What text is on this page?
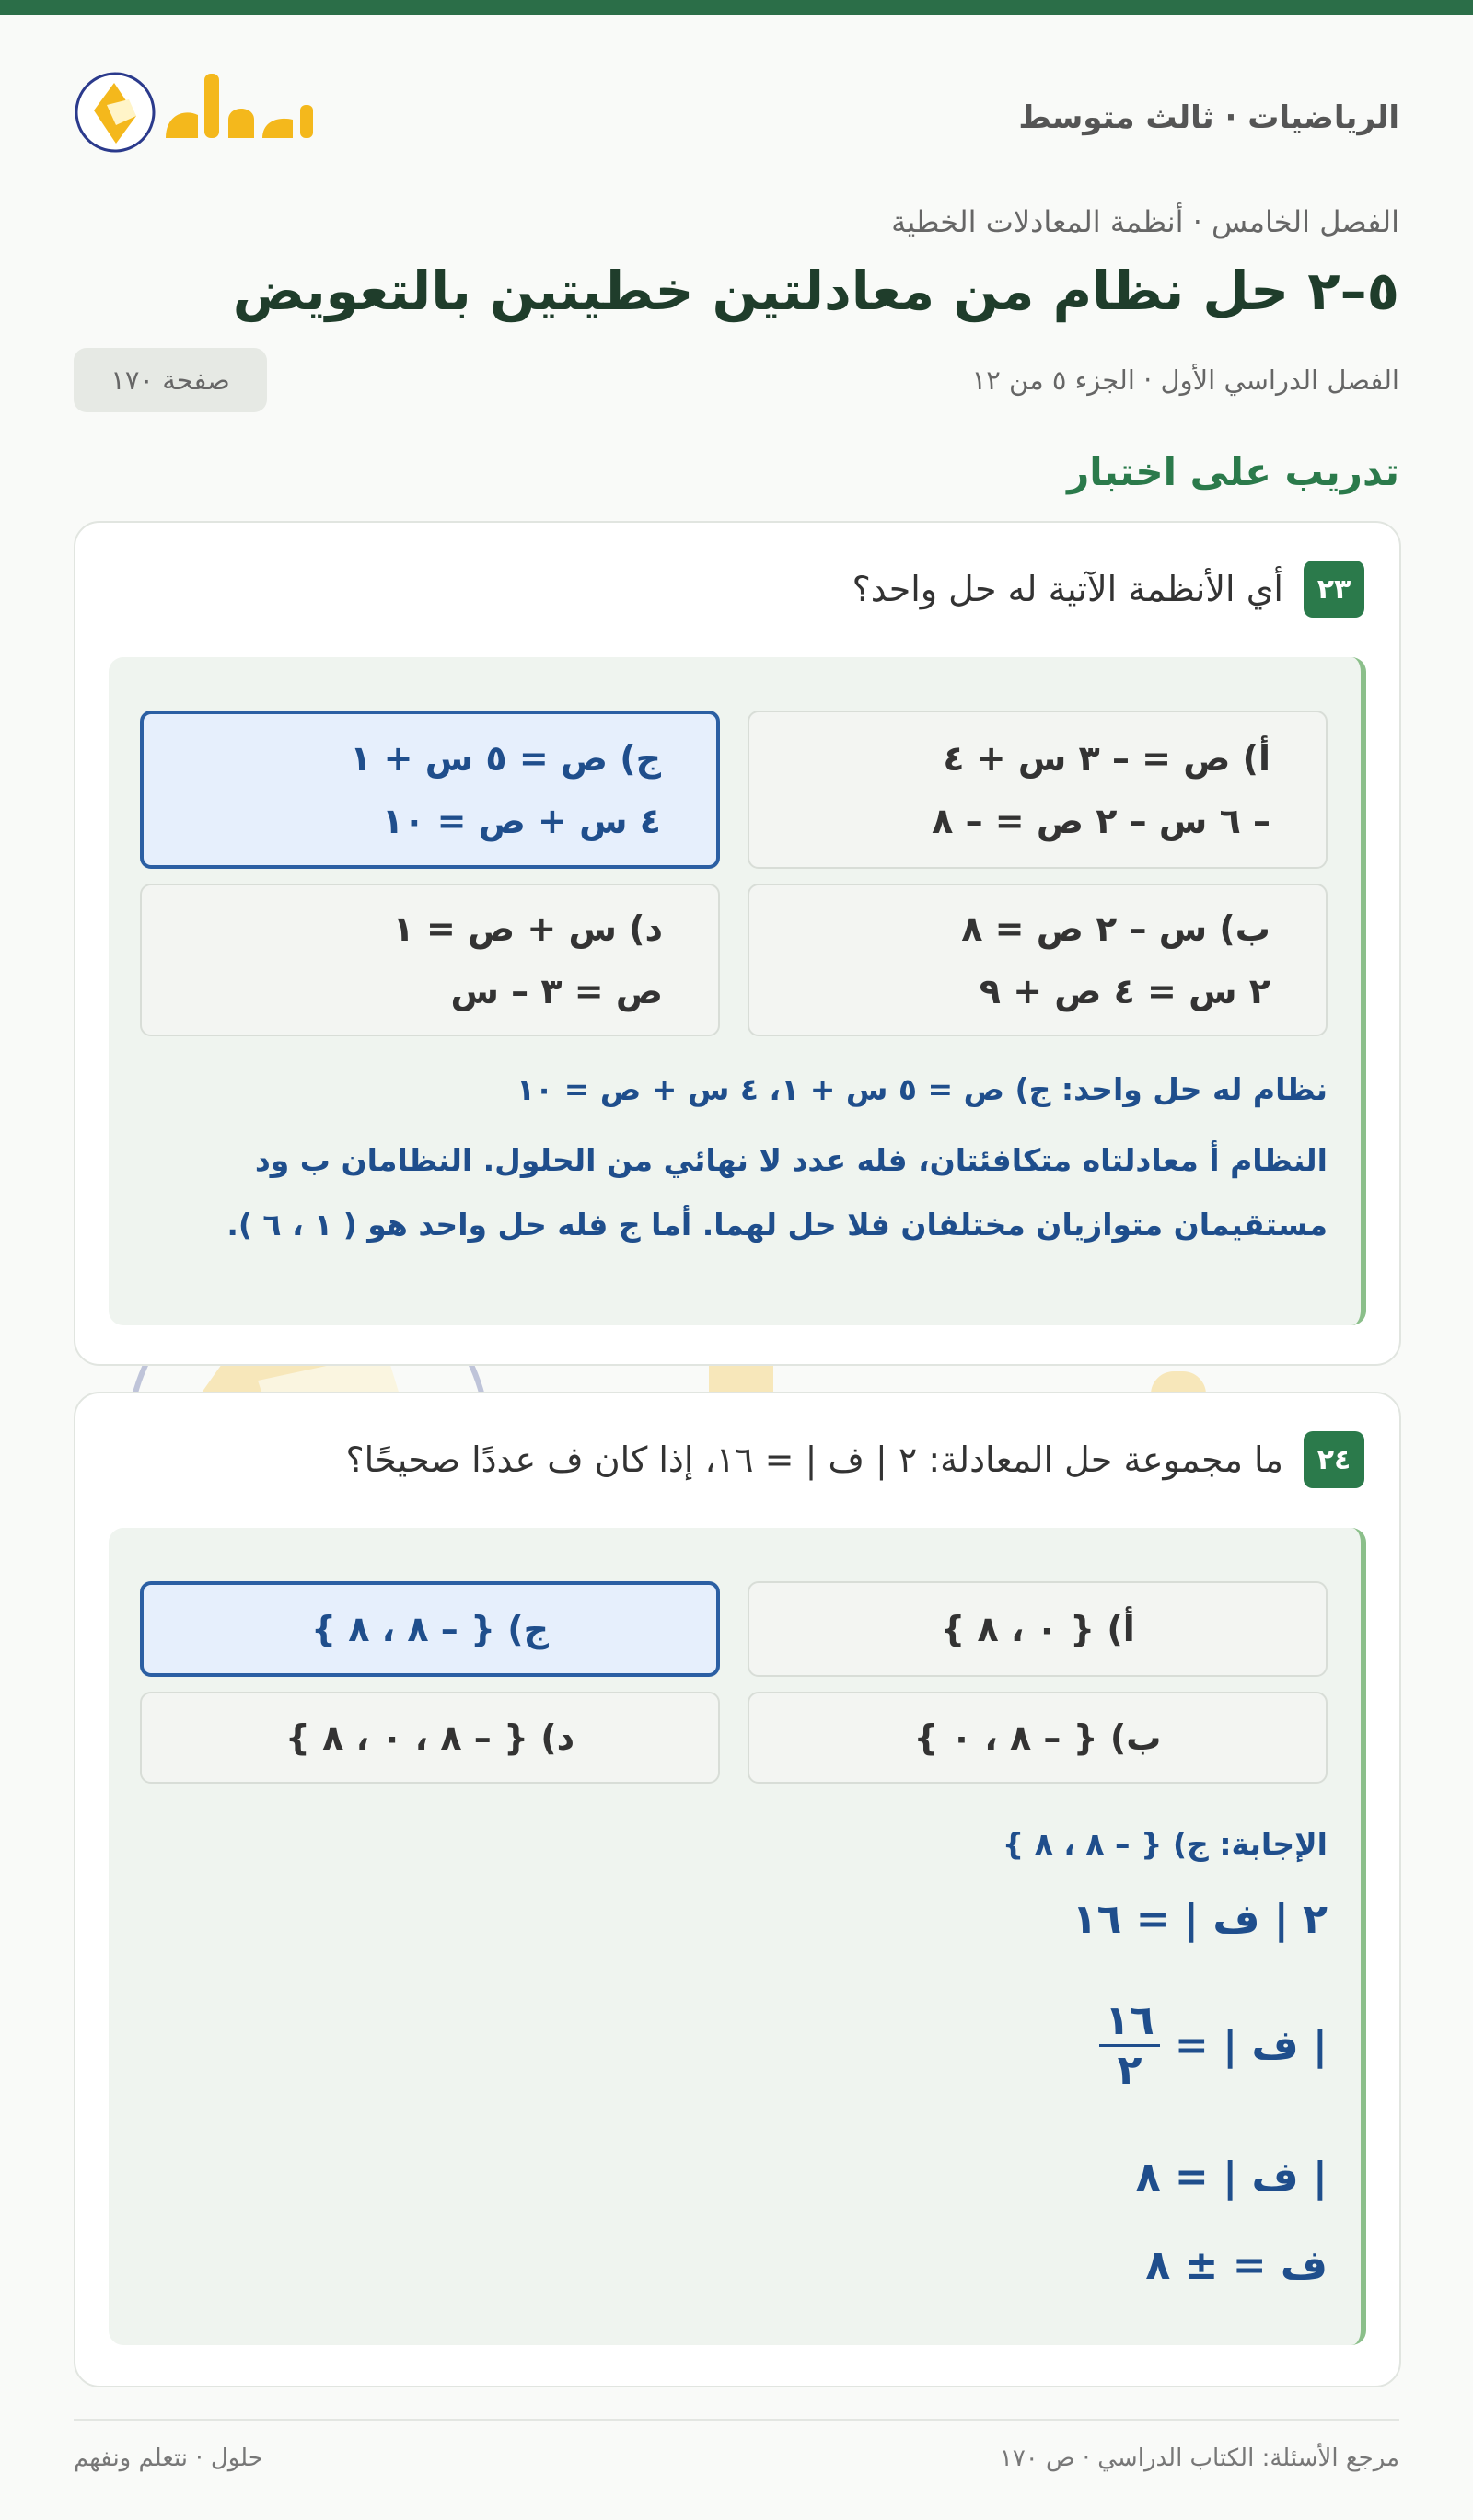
الرياضيات · ثالث متوسط
الفصل الخامس · أنظمة المعادلات الخطية
٥–٢ حل نظام من معادلتين خطيتين بالتعويض
الفصل الدراسي الأول · الجزء ٥ من ١٢
صفحة ١٧٠
تدريب على اختبار
٢٣
أي الأنظمة الآتية له حل واحد؟
أ) ص = – ٣ س + ٤
– ٦ س – ٢ ص = – ٨
ج) ص = ٥ س + ١
٤ س + ص = ١٠
ب) س – ٢ ص = ٨
٢ س = ٤ ص + ٩
د) س + ص = ١
ص = ٣ – س
نظام له حل واحد: ج) ص = ٥ س + ١، ٤ س + ص = ١٠
النظام أ معادلتاه متكافئتان، فله عدد لا نهائي من الحلول. النظامان ب ود مستقيمان متوازيان مختلفان فلا حل لهما. أما ج فله حل واحد هو ( ١ ، ٦ ).
٢٤
ما مجموعة حل المعادلة: ٢ | ف | = ١٦، إذا كان ف عددًا صحيحًا؟
أ) { ٠ ، ٨ }
ج) { – ٨ ، ٨ }
ب) { – ٨ ، ٠ }
د) { – ٨ ، ٠ ، ٨ }
الإجابة: ج) { – ٨ ، ٨ }
٢ | ف | = ١٦
| ف | =
$\frac{١٦}{٢}$
| ف | = ٨
ف = ± ٨
مرجع الأسئلة: الكتاب الدراسي · ص ١٧٠
حلول · نتعلم ونفهم
